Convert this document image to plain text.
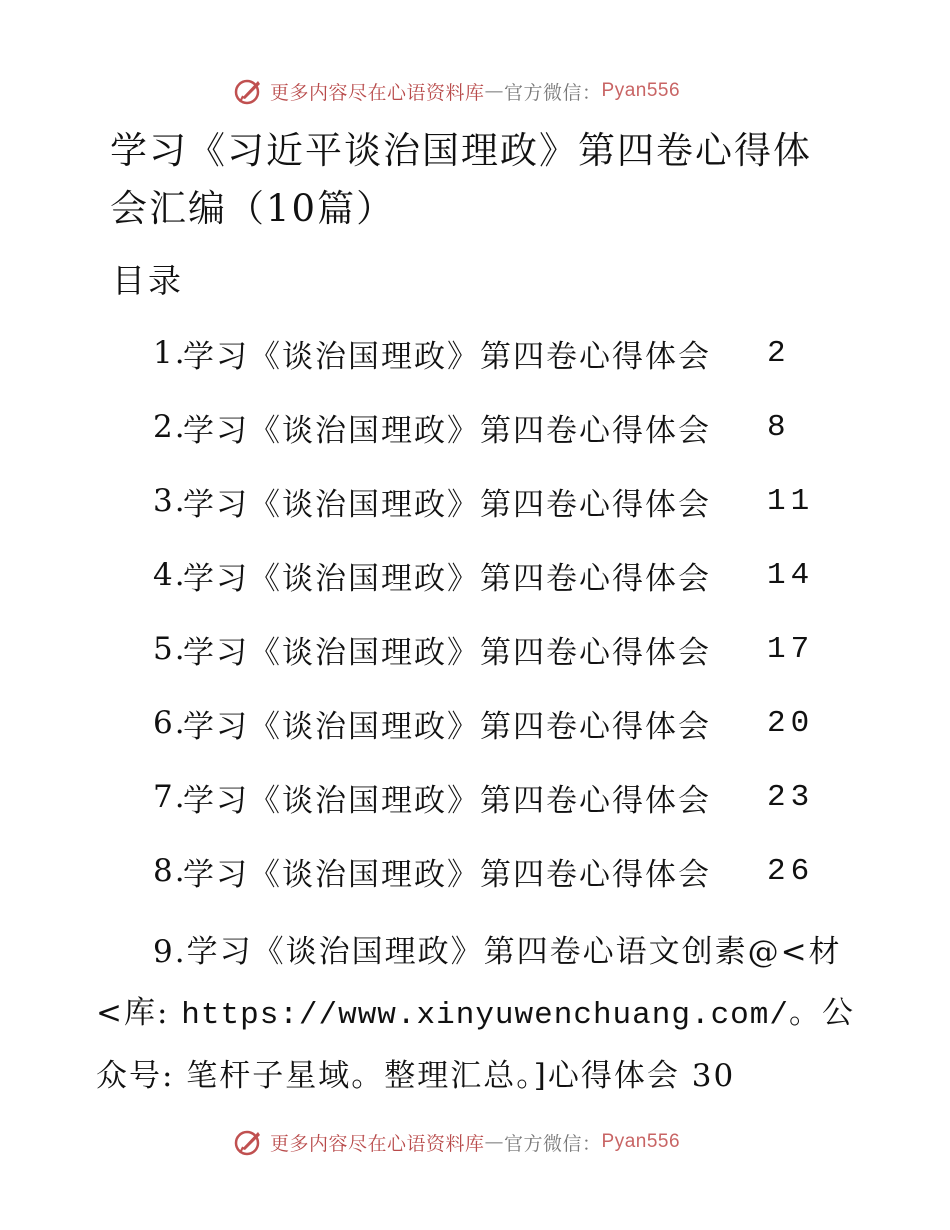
更多内容尽在心语资料库 — 官方微信： Pyan556
学习《习近平谈治国理政》第四卷心得体会汇编（10篇）
目录
1.
学习《谈治国理政》第四卷心得体会 2
2.
学习《谈治国理政》第四卷心得体会 8
3.
学习《谈治国理政》第四卷心得体会 11
4.
学习《谈治国理政》第四卷心得体会 14
5.
学习《谈治国理政》第四卷心得体会 17
6.
学习《谈治国理政》第四卷心得体会 20
7.
学习《谈治国理政》第四卷心得体会 23
8.
学习《谈治国理政》第四卷心得体会 26
9.学习《谈治国理政》第四卷心语文创素@<材<库: https://www.xinyuwenchuang.com/。公众号: 笔杆子星域。整理汇总。]心得体会 30
更多内容尽在心语资料库 — 官方微信： Pyan556
